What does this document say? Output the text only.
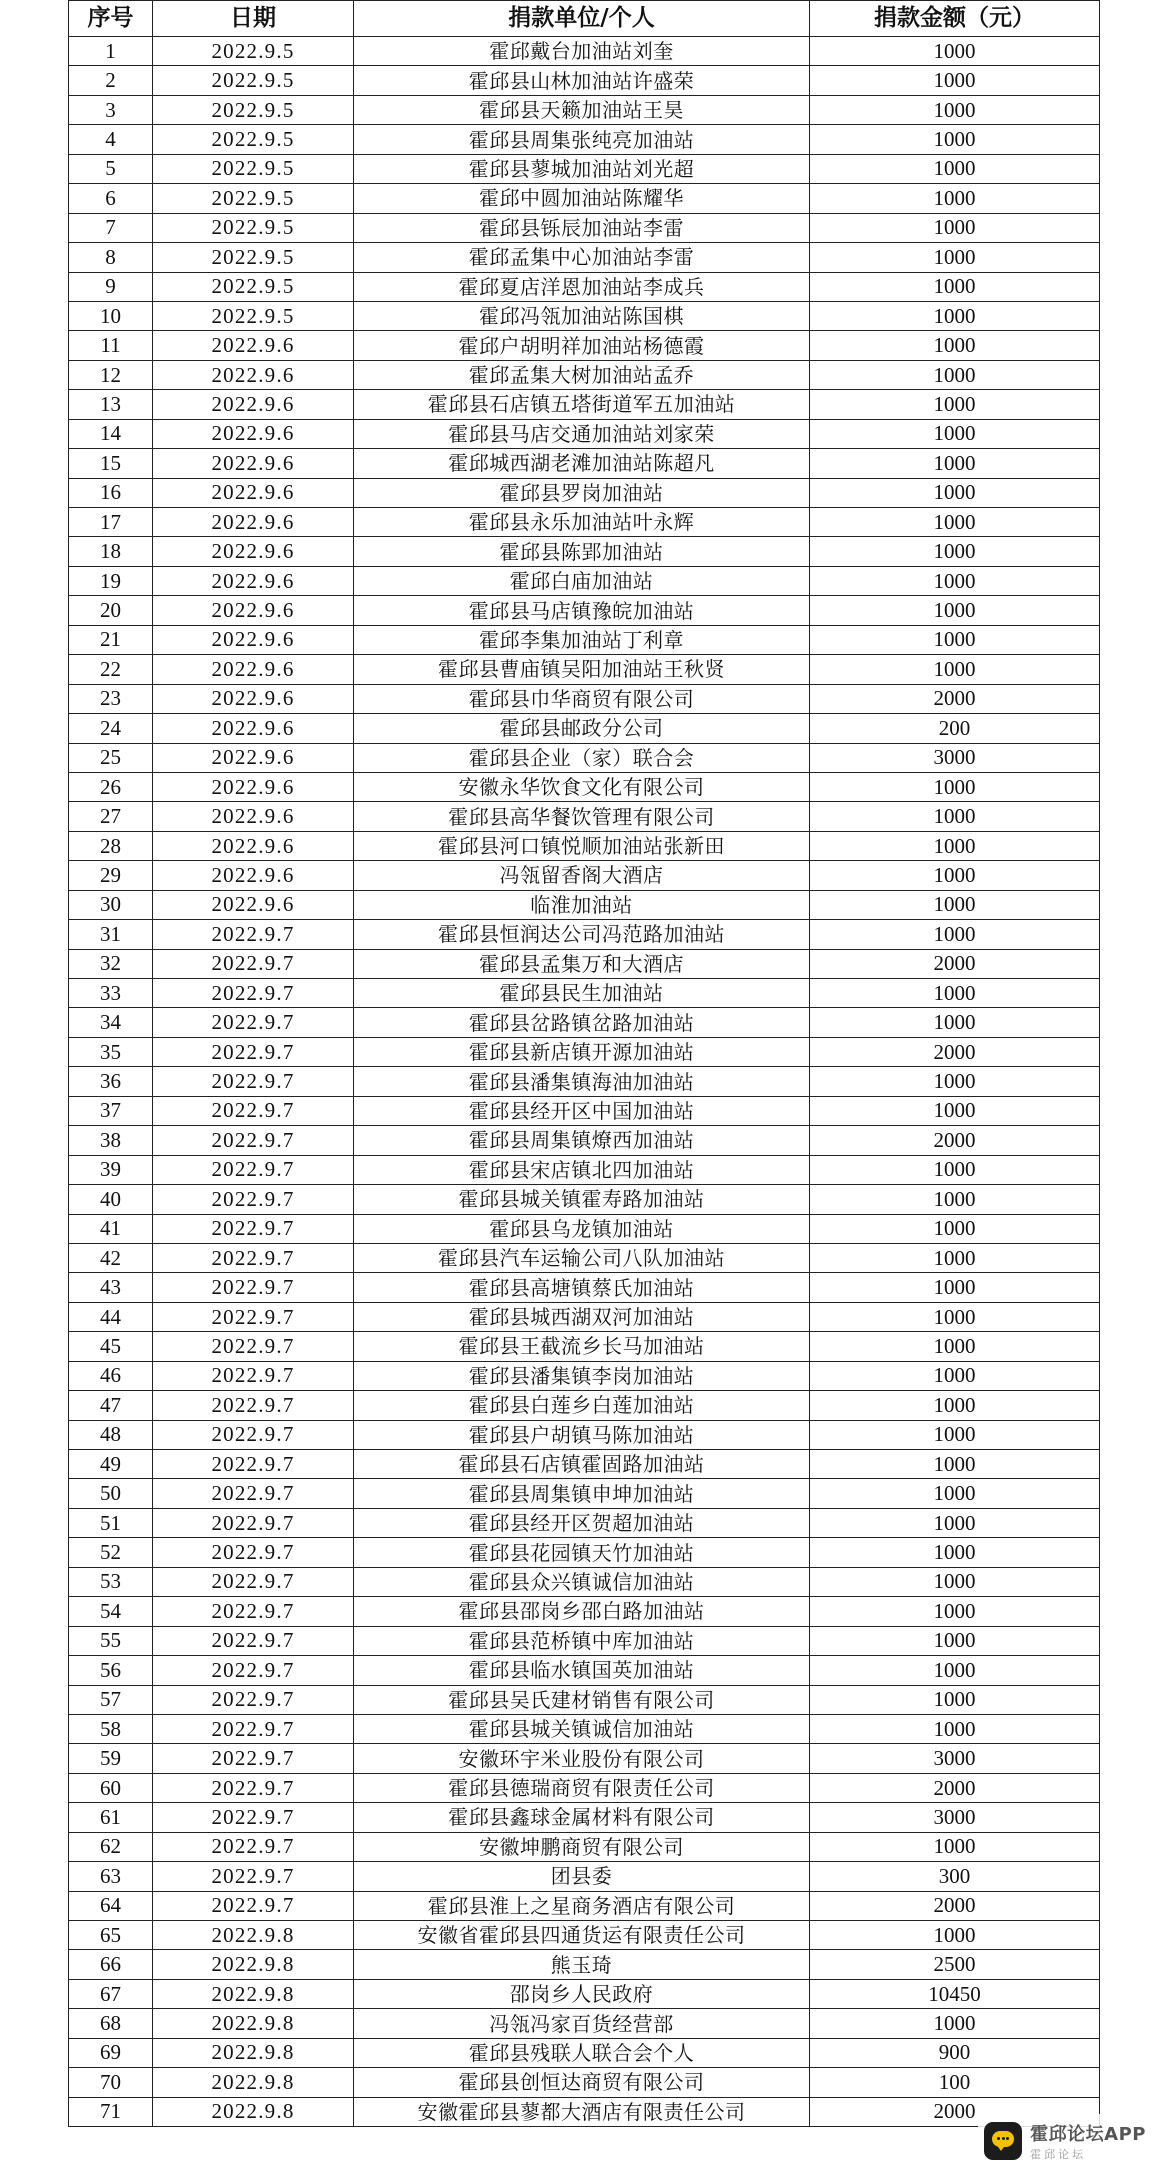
序号	日期	捐款单位/个人	捐款金额（元）
1	2022.9.5	霍邱戴台加油站刘奎	1000
2	2022.9.5	霍邱县山林加油站许盛荣	1000
3	2022.9.5	霍邱县天籁加油站王昊	1000
4	2022.9.5	霍邱县周集张纯亮加油站	1000
5	2022.9.5	霍邱县蓼城加油站刘光超	1000
6	2022.9.5	霍邱中圆加油站陈耀华	1000
7	2022.9.5	霍邱县铄辰加油站李雷	1000
8	2022.9.5	霍邱孟集中心加油站李雷	1000
9	2022.9.5	霍邱夏店洋恩加油站李成兵	1000
10	2022.9.5	霍邱冯瓴加油站陈国棋	1000
11	2022.9.6	霍邱户胡明祥加油站杨德霞	1000
12	2022.9.6	霍邱孟集大树加油站孟乔	1000
13	2022.9.6	霍邱县石店镇五塔街道军五加油站	1000
14	2022.9.6	霍邱县马店交通加油站刘家荣	1000
15	2022.9.6	霍邱城西湖老滩加油站陈超凡	1000
16	2022.9.6	霍邱县罗岗加油站	1000
17	2022.9.6	霍邱县永乐加油站叶永辉	1000
18	2022.9.6	霍邱县陈郢加油站	1000
19	2022.9.6	霍邱白庙加油站	1000
20	2022.9.6	霍邱县马店镇豫皖加油站	1000
21	2022.9.6	霍邱李集加油站丁利章	1000
22	2022.9.6	霍邱县曹庙镇吴阳加油站王秋贤	1000
23	2022.9.6	霍邱县巾华商贸有限公司	2000
24	2022.9.6	霍邱县邮政分公司	200
25	2022.9.6	霍邱县企业（家）联合会	3000
26	2022.9.6	安徽永华饮食文化有限公司	1000
27	2022.9.6	霍邱县高华餐饮管理有限公司	1000
28	2022.9.6	霍邱县河口镇悦顺加油站张新田	1000
29	2022.9.6	冯瓴留香阁大酒店	1000
30	2022.9.6	临淮加油站	1000
31	2022.9.7	霍邱县恒润达公司冯范路加油站	1000
32	2022.9.7	霍邱县孟集万和大酒店	2000
33	2022.9.7	霍邱县民生加油站	1000
34	2022.9.7	霍邱县岔路镇岔路加油站	1000
35	2022.9.7	霍邱县新店镇开源加油站	2000
36	2022.9.7	霍邱县潘集镇海油加油站	1000
37	2022.9.7	霍邱县经开区中国加油站	1000
38	2022.9.7	霍邱县周集镇燎西加油站	2000
39	2022.9.7	霍邱县宋店镇北四加油站	1000
40	2022.9.7	霍邱县城关镇霍寿路加油站	1000
41	2022.9.7	霍邱县乌龙镇加油站	1000
42	2022.9.7	霍邱县汽车运输公司八队加油站	1000
43	2022.9.7	霍邱县高塘镇蔡氏加油站	1000
44	2022.9.7	霍邱县城西湖双河加油站	1000
45	2022.9.7	霍邱县王截流乡长马加油站	1000
46	2022.9.7	霍邱县潘集镇李岗加油站	1000
47	2022.9.7	霍邱县白莲乡白莲加油站	1000
48	2022.9.7	霍邱县户胡镇马陈加油站	1000
49	2022.9.7	霍邱县石店镇霍固路加油站	1000
50	2022.9.7	霍邱县周集镇申坤加油站	1000
51	2022.9.7	霍邱县经开区贺超加油站	1000
52	2022.9.7	霍邱县花园镇天竹加油站	1000
53	2022.9.7	霍邱县众兴镇诚信加油站	1000
54	2022.9.7	霍邱县邵岗乡邵白路加油站	1000
55	2022.9.7	霍邱县范桥镇中库加油站	1000
56	2022.9.7	霍邱县临水镇国英加油站	1000
57	2022.9.7	霍邱县吴氏建材销售有限公司	1000
58	2022.9.7	霍邱县城关镇诚信加油站	1000
59	2022.9.7	安徽环宇米业股份有限公司	3000
60	2022.9.7	霍邱县德瑞商贸有限责任公司	2000
61	2022.9.7	霍邱县鑫球金属材料有限公司	3000
62	2022.9.7	安徽坤鹏商贸有限公司	1000
63	2022.9.7	团县委	300
64	2022.9.7	霍邱县淮上之星商务酒店有限公司	2000
65	2022.9.8	安徽省霍邱县四通货运有限责任公司	1000
66	2022.9.8	熊玉琦	2500
67	2022.9.8	邵岗乡人民政府	10450
68	2022.9.8	冯瓴冯家百货经营部	1000
69	2022.9.8	霍邱县残联人联合会个人	900
70	2022.9.8	霍邱县创恒达商贸有限公司	100
71	2022.9.8	安徽霍邱县蓼都大酒店有限责任公司	2000
霍邱论坛APP
霍邱论坛
